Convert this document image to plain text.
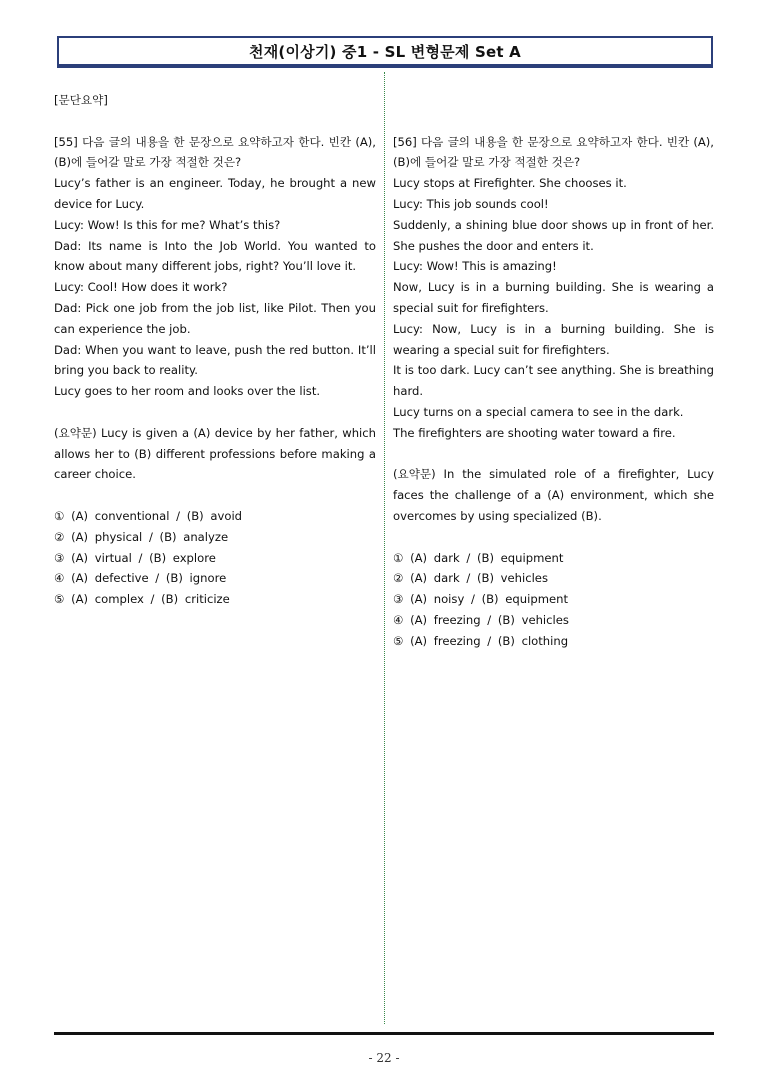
천재(이상기) 중1 - SL 변형문제 Set A

[문단요약]

[55] 다음 글의 내용을 한 문장으로 요약하고자 한다. 빈칸 (A), (B)에 들어갈 말로 가장 적절한 것은?

Lucy’s father is an engineer. Today, he brought a new device for Lucy.

Lucy: Wow! Is this for me? What’s this?

Dad: Its name is Into the Job World. You wanted to know about many different jobs, right? You’ll love it.

Lucy: Cool! How does it work?

Dad: Pick one job from the job list, like Pilot. Then you can experience the job.

Dad: When you want to leave, push the red button. It’ll bring you back to reality.

Lucy goes to her room and looks over the list.

(요약문) Lucy is given a (A) device by her father, which allows her to (B) different professions before making a career choice.

① (A) conventional / (B) avoid

② (A) physical / (B) analyze

③ (A) virtual / (B) explore

④ (A) defective / (B) ignore

⑤ (A) complex / (B) criticize

[56] 다음 글의 내용을 한 문장으로 요약하고자 한다. 빈칸 (A), (B)에 들어갈 말로 가장 적절한 것은?

Lucy stops at Firefighter. She chooses it.

Lucy: This job sounds cool!

Suddenly, a shining blue door shows up in front of her. She pushes the door and enters it.

Lucy: Wow! This is amazing!

Now, Lucy is in a burning building. She is wearing a special suit for firefighters.

Lucy: Now, Lucy is in a burning building. She is wearing a special suit for firefighters.

It is too dark. Lucy can’t see anything. She is breathing hard.

Lucy turns on a special camera to see in the dark.

The firefighters are shooting water toward a fire.

(요약문) In the simulated role of a firefighter, Lucy faces the challenge of a (A) environment, which she overcomes by using specialized (B).

① (A) dark / (B) equipment

② (A) dark / (B) vehicles

③ (A) noisy / (B) equipment

④ (A) freezing / (B) vehicles

⑤ (A) freezing / (B) clothing

- 22 -
